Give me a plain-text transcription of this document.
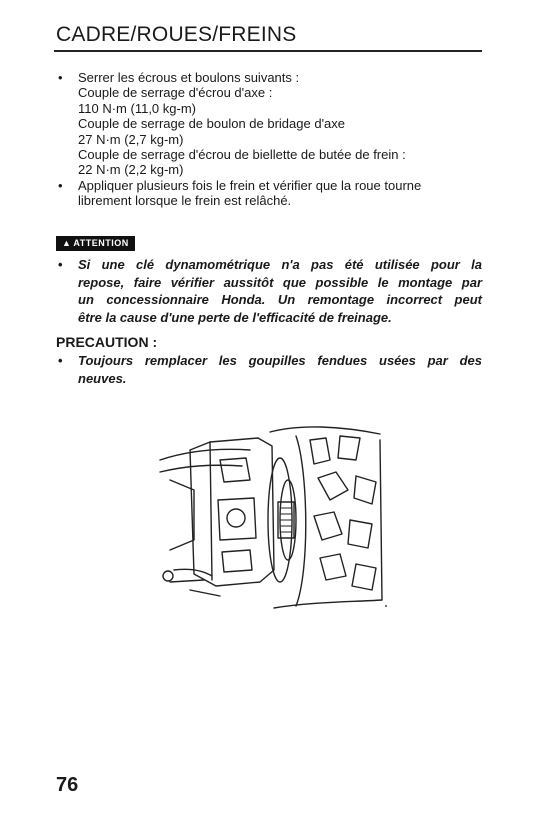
CADRE/ROUES/FREINS
• Serrer les écrous et boulons suivants :
Couple de serrage d'écrou d'axe :
110 N·m (11,0 kg-m)
Couple de serrage de boulon de bridage d'axe
27 N·m (2,7 kg-m)
Couple de serrage d'écrou de biellette de butée de frein :
22 N·m (2,2 kg-m)
• Appliquer plusieurs fois le frein et vérifier que la roue tourne
librement lorsque le frein est relâché.
▲ ATTENTION
• Si une clé dynamométrique n'a pas été utilisée pour la
repose, faire vérifier aussitôt que possible le montage par
un concessionnaire Honda. Un remontage incorrect peut
être la cause d'une perte de l'efficacité de freinage.
PRECAUTION :
• Toujours remplacer les goupilles fendues usées par des
neuves.
76
